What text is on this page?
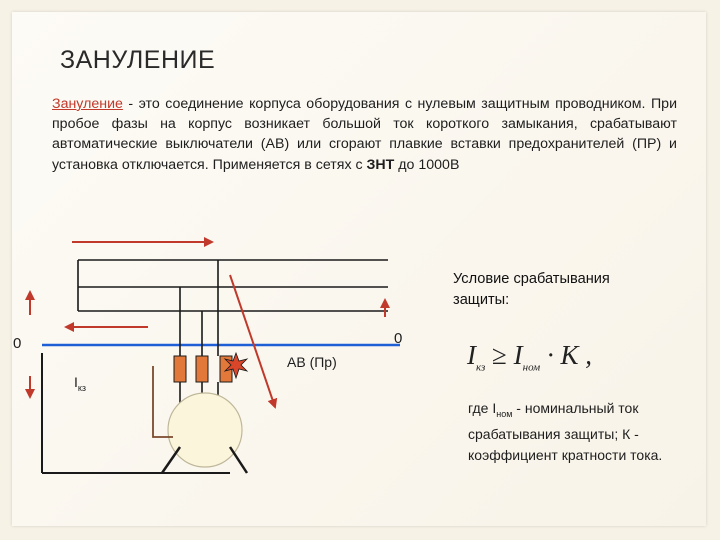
ЗАНУЛЕНИЕ

Зануление - это соединение корпуса оборудования с нулевым защитным проводником. При пробое фазы на корпус возникает большой ток короткого замыкания, срабатывают автоматические выключатели (АВ) или сгорают плавкие вставки предохранителей (ПР) и установка отключается. Применяется в сетях с ЗНТ до 1000В

0	0
$I_{кз}$
АВ (Пр)

Условие срабатывания защиты:

$I_{кз} \ge I_{ном} \cdot K$ ,

где $I_{ном}$ - номинальный ток срабатывания защиты; К - коэффициент кратности тока.
